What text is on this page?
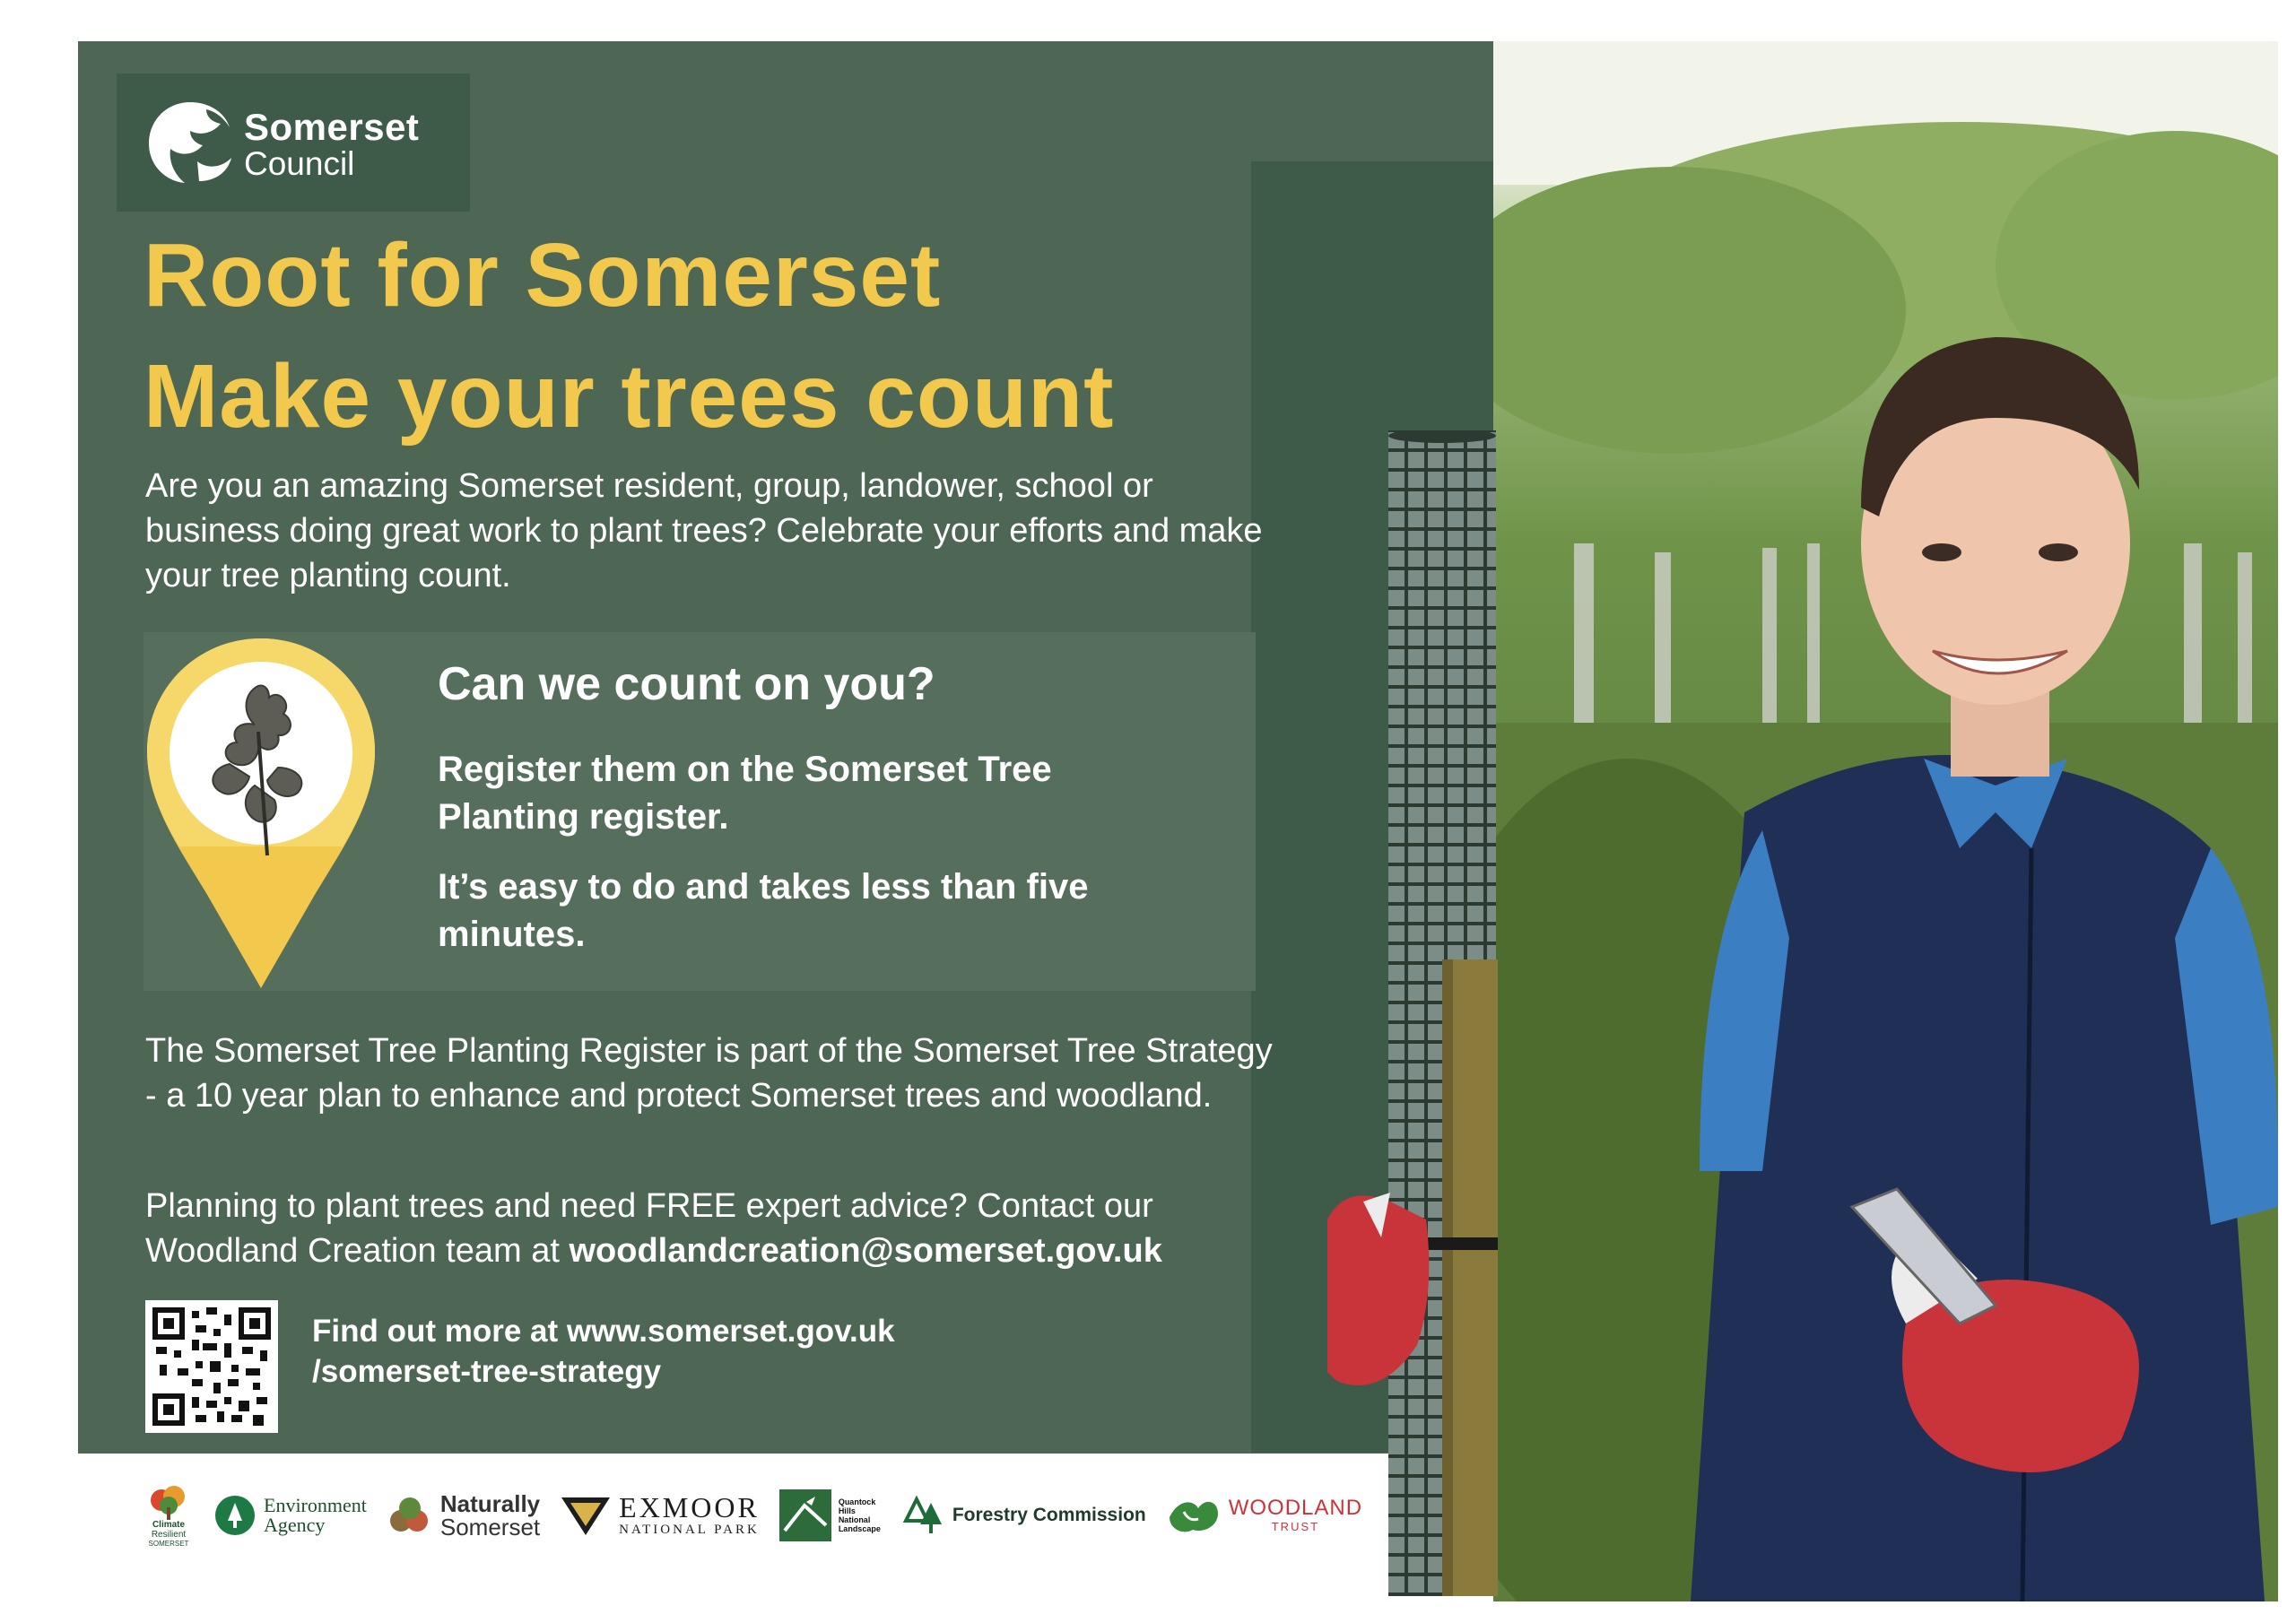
Somerset
Council
Root for Somerset
Make your trees count
Are you an amazing Somerset resident, group, landower, school or business doing great work to plant trees? Celebrate your efforts and make your tree planting count.
Can we count on you?
Register them on the Somerset Tree Planting register.
It’s easy to do and takes less than five minutes.
The Somerset Tree Planting Register is part of the Somerset Tree Strategy - a 10 year plan to enhance and protect Somerset trees and woodland.
Planning to plant trees and need FREE expert advice? Contact our Woodland Creation team at woodlandcreation@somerset.gov.uk
Find out more at www.somerset.gov.uk
/somerset-tree-strategy
Climate
Resilient
SOMERSET
Environment
Agency
Naturally
Somerset
EXMOOR
NATIONAL PARK
Quantock
Hills
National
Landscape
Forestry Commission	WOODLAND
TRUST
